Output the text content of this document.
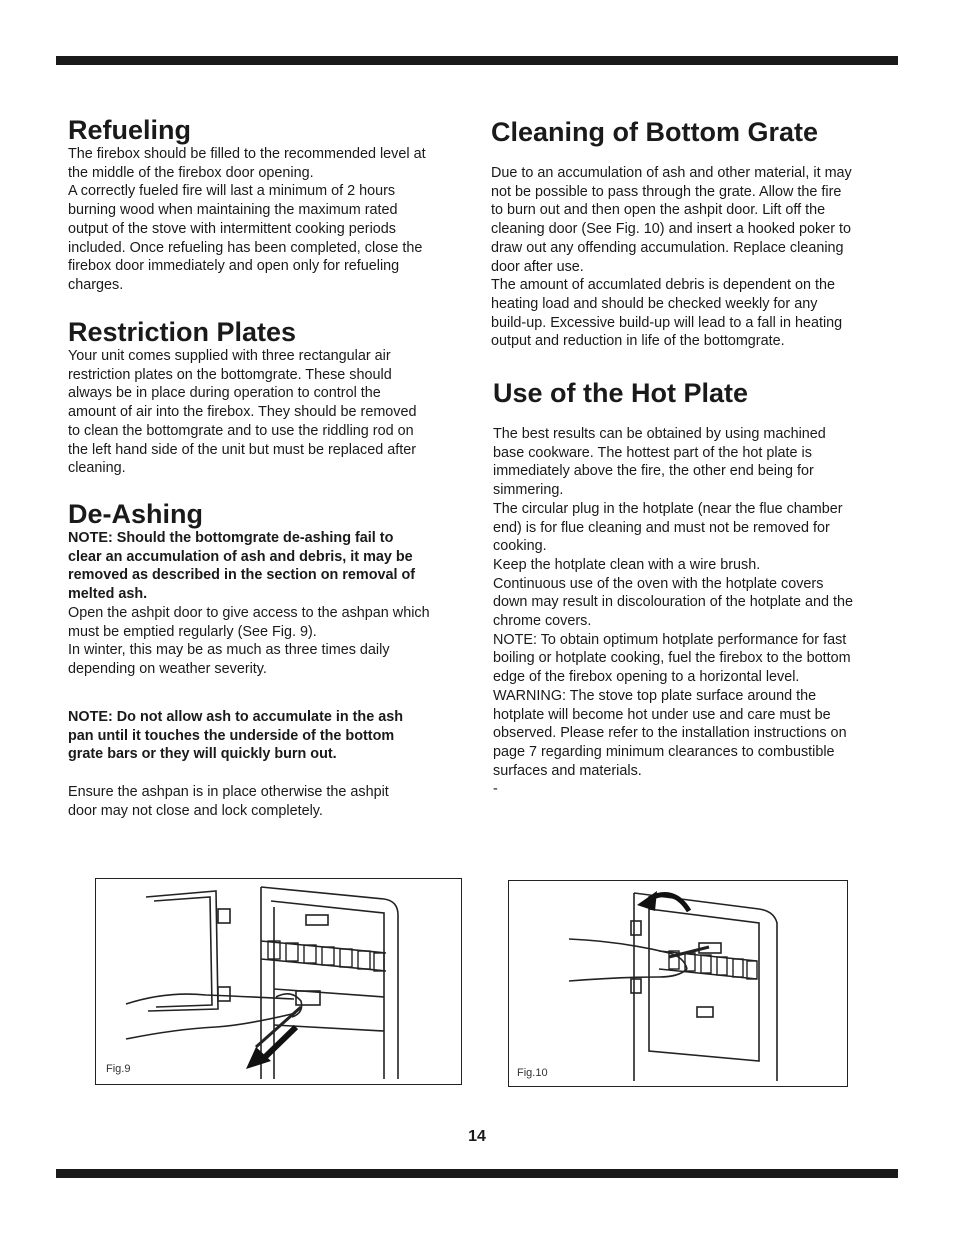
Refueling

The firebox should be filled to the recommended level at

the middle of the firebox door opening.

A correctly fueled fire will last a minimum of 2 hours

burning wood when maintaining the maximum rated

output of the stove with intermittent cooking periods

included. Once refueling has been completed, close the

firebox door immediately and open only for refueling

charges.

Restriction Plates

Your unit comes supplied with three rectangular air

restriction plates on the bottomgrate. These should

always be in place during operation to control the

amount of air into the firebox. They should be removed

to clean the bottomgrate and to use the riddling rod on

the left hand side of the unit but must be replaced after

cleaning.

De-Ashing

NOTE: Should the bottomgrate de-ashing fail to

clear an accumulation of ash and debris, it may be

removed as described in the section on removal of

melted ash.

Open the ashpit door to give access to the ashpan which

must be emptied regularly (See Fig. 9).

In winter, this may be as much as three times daily

depending on weather severity.

NOTE: Do not allow ash to accumulate in the ash

pan until it touches the underside of the bottom

grate bars or they will quickly burn out.

Ensure the ashpan is in place otherwise the ashpit

door may not close and lock completely.

Cleaning of Bottom Grate

Due to an accumulation of ash and other material, it may

not be possible to pass through the grate. Allow the fire

to burn out and then open the ashpit door. Lift off the

cleaning door (See Fig. 10) and insert a hooked poker to

draw out any offending accumulation. Replace cleaning

door after use.

The amount of accumlated debris is dependent on the

heating load and should be checked weekly for any

build-up. Excessive build-up will lead to a fall in heating

output and reduction in life of the bottomgrate.

Use of the Hot Plate

The best results can be obtained by using machined

base cookware. The hottest part of the hot plate is

immediately above the fire, the other end being for

simmering.

The circular plug in the hotplate (near the flue chamber

end) is for flue cleaning and must not be removed for

cooking.

Keep the hotplate clean with a wire brush.

Continuous use of the oven with the hotplate covers

down may result in discolouration of the hotplate and the

chrome covers.

NOTE: To obtain optimum hotplate performance for fast

boiling or hotplate cooking, fuel the firebox to the bottom

edge of the firebox opening to a horizontal level.

WARNING: The stove top plate surface around the

hotplate will become hot under use and care must be

observed. Please refer to the installation instructions on

page 7 regarding minimum clearances to combustible

surfaces and materials.

-

Fig.9	Fig.10
14
